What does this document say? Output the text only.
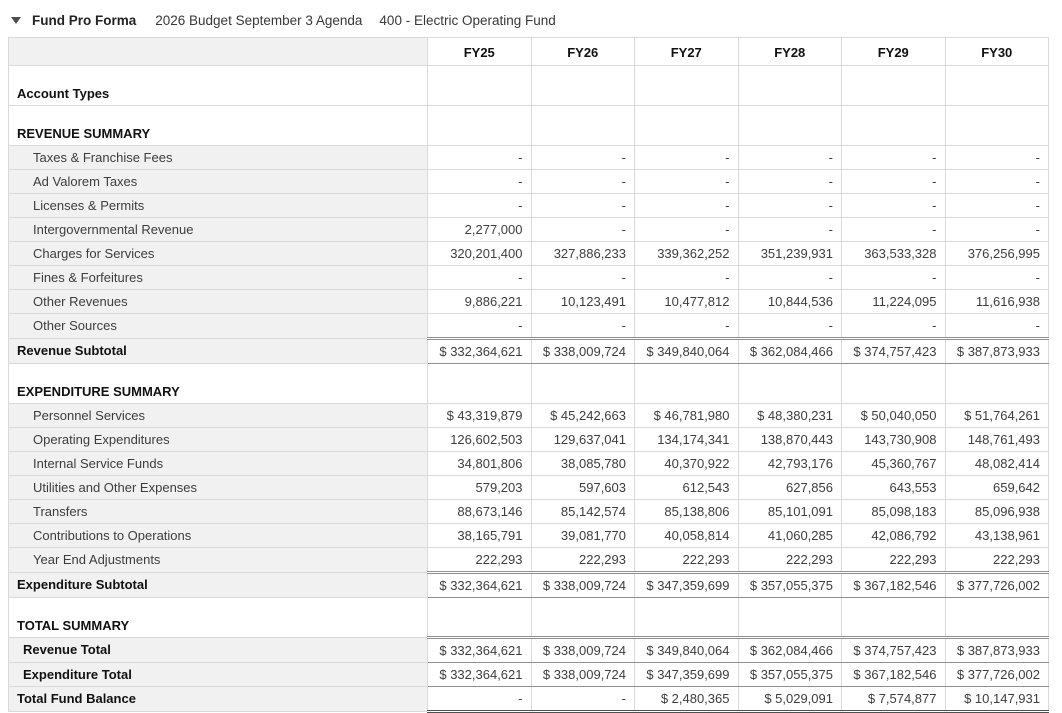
Fund Pro Forma 2026 Budget September 3 Agenda 400 - Electric Operating Fund
	FY25	FY26	FY27	FY28	FY29	FY30
Account Types						
REVENUE SUMMARY						
Taxes & Franchise Fees	-	-	-	-	-	-
Ad Valorem Taxes	-	-	-	-	-	-
Licenses & Permits	-	-	-	-	-	-
Intergovernmental Revenue	2,277,000	-	-	-	-	-
Charges for Services	320,201,400	327,886,233	339,362,252	351,239,931	363,533,328	376,256,995
Fines & Forfeitures	-	-	-	-	-	-
Other Revenues	9,886,221	10,123,491	10,477,812	10,844,536	11,224,095	11,616,938
Other Sources	-	-	-	-	-	-
Revenue Subtotal	$ 332,364,621	$ 338,009,724	$ 349,840,064	$ 362,084,466	$ 374,757,423	$ 387,873,933
EXPENDITURE SUMMARY						
Personnel Services	$ 43,319,879	$ 45,242,663	$ 46,781,980	$ 48,380,231	$ 50,040,050	$ 51,764,261
Operating Expenditures	126,602,503	129,637,041	134,174,341	138,870,443	143,730,908	148,761,493
Internal Service Funds	34,801,806	38,085,780	40,370,922	42,793,176	45,360,767	48,082,414
Utilities and Other Expenses	579,203	597,603	612,543	627,856	643,553	659,642
Transfers	88,673,146	85,142,574	85,138,806	85,101,091	85,098,183	85,096,938
Contributions to Operations	38,165,791	39,081,770	40,058,814	41,060,285	42,086,792	43,138,961
Year End Adjustments	222,293	222,293	222,293	222,293	222,293	222,293
Expenditure Subtotal	$ 332,364,621	$ 338,009,724	$ 347,359,699	$ 357,055,375	$ 367,182,546	$ 377,726,002
TOTAL SUMMARY						
Revenue Total	$ 332,364,621	$ 338,009,724	$ 349,840,064	$ 362,084,466	$ 374,757,423	$ 387,873,933
Expenditure Total	$ 332,364,621	$ 338,009,724	$ 347,359,699	$ 357,055,375	$ 367,182,546	$ 377,726,002
Total Fund Balance	-	-	$ 2,480,365	$ 5,029,091	$ 7,574,877	$ 10,147,931
